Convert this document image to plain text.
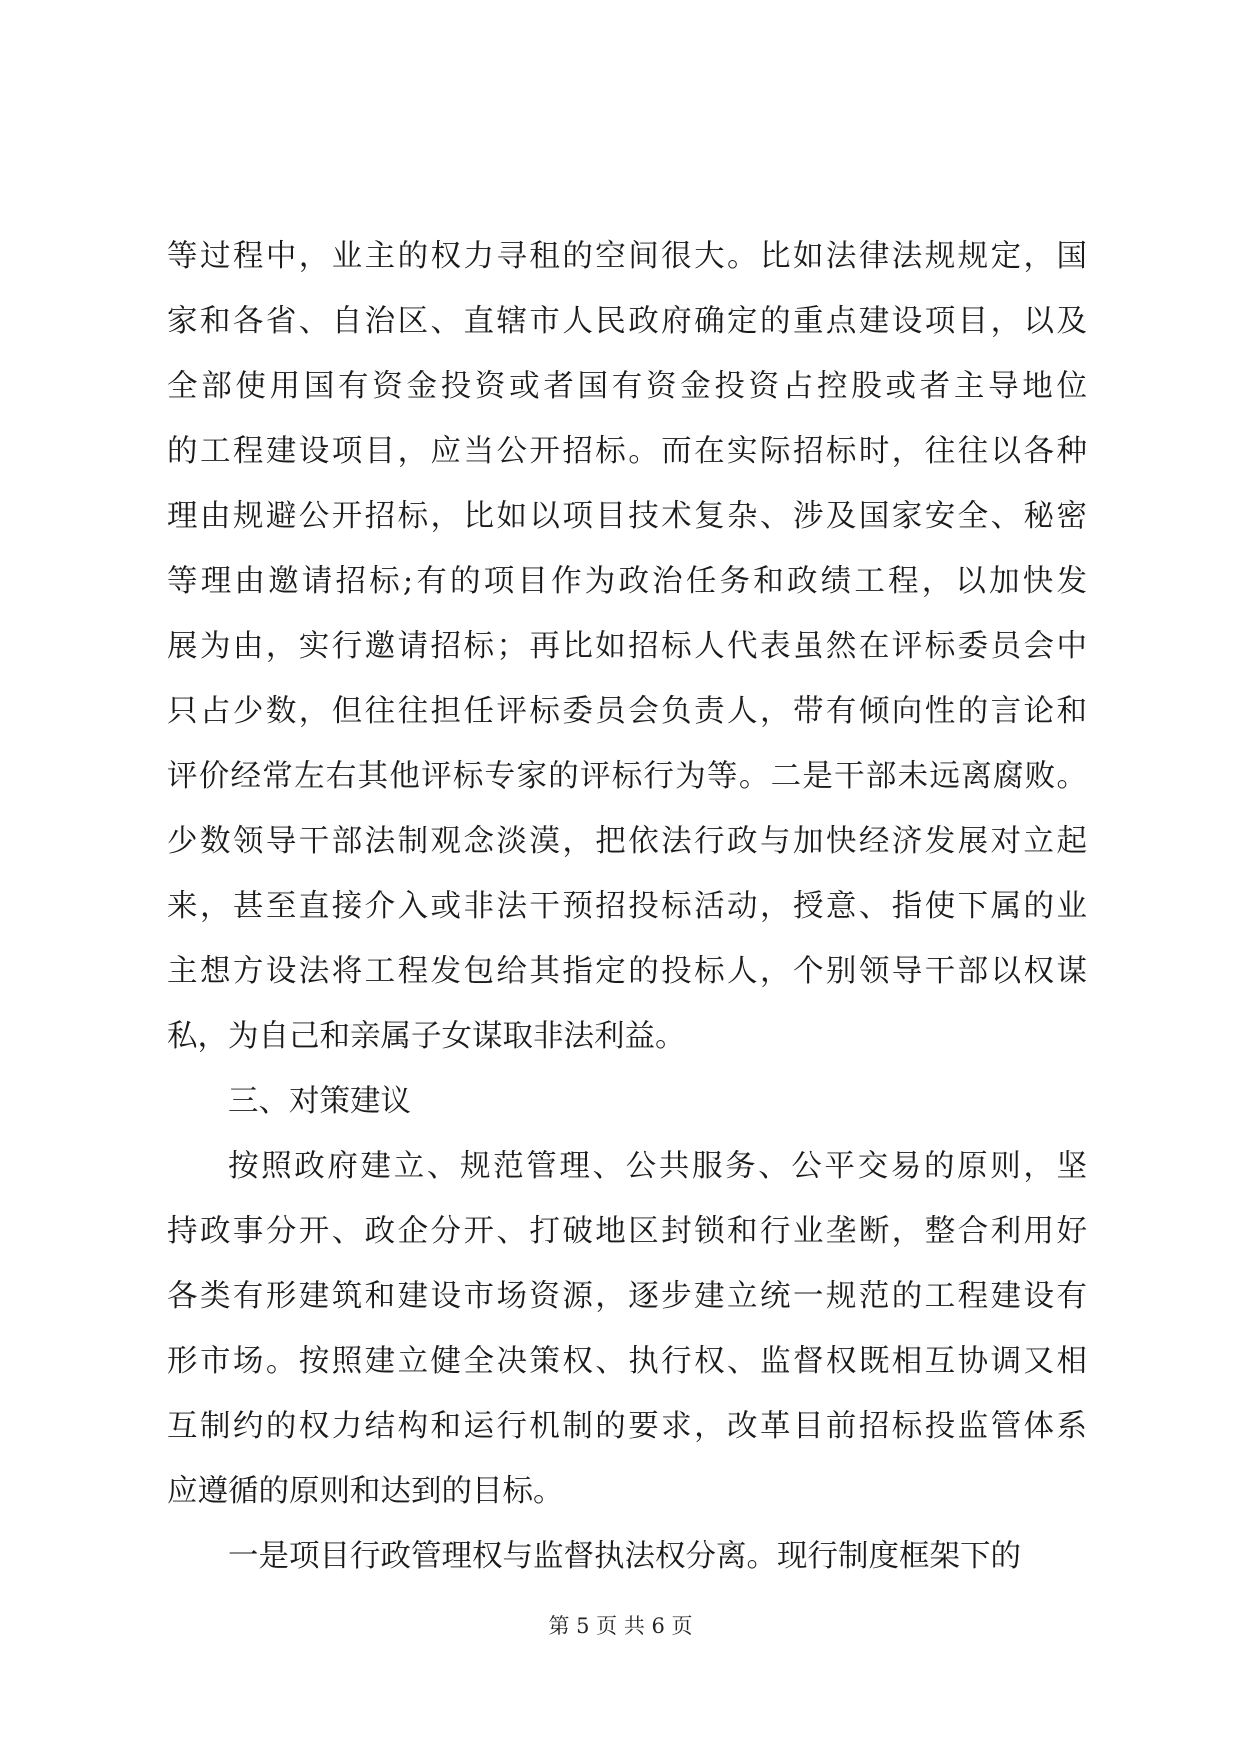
等过程中，业主的权力寻租的空间很大。比如法律法规规定，国
家和各省、自治区、直辖市人民政府确定的重点建设项目，以及
全部使用国有资金投资或者国有资金投资占控股或者主导地位
的工程建设项目，应当公开招标。而在实际招标时，往往以各种
理由规避公开招标，比如以项目技术复杂、涉及国家安全、秘密
等理由邀请招标;有的项目作为政治任务和政绩工程，以加快发
展为由，实行邀请招标；再比如招标人代表虽然在评标委员会中
只占少数，但往往担任评标委员会负责人，带有倾向性的言论和
评价经常左右其他评标专家的评标行为等。二是干部未远离腐败。
少数领导干部法制观念淡漠，把依法行政与加快经济发展对立起
来，甚至直接介入或非法干预招投标活动，授意、指使下属的业
主想方设法将工程发包给其指定的投标人，个别领导干部以权谋
私，为自己和亲属子女谋取非法利益。
三、对策建议
按照政府建立、规范管理、公共服务、公平交易的原则，坚
持政事分开、政企分开、打破地区封锁和行业垄断，整合利用好
各类有形建筑和建设市场资源，逐步建立统一规范的工程建设有
形市场。按照建立健全决策权、执行权、监督权既相互协调又相
互制约的权力结构和运行机制的要求，改革目前招标投监管体系
应遵循的原则和达到的目标。
一是项目行政管理权与监督执法权分离。现行制度框架下的
第 5 页 共 6 页
